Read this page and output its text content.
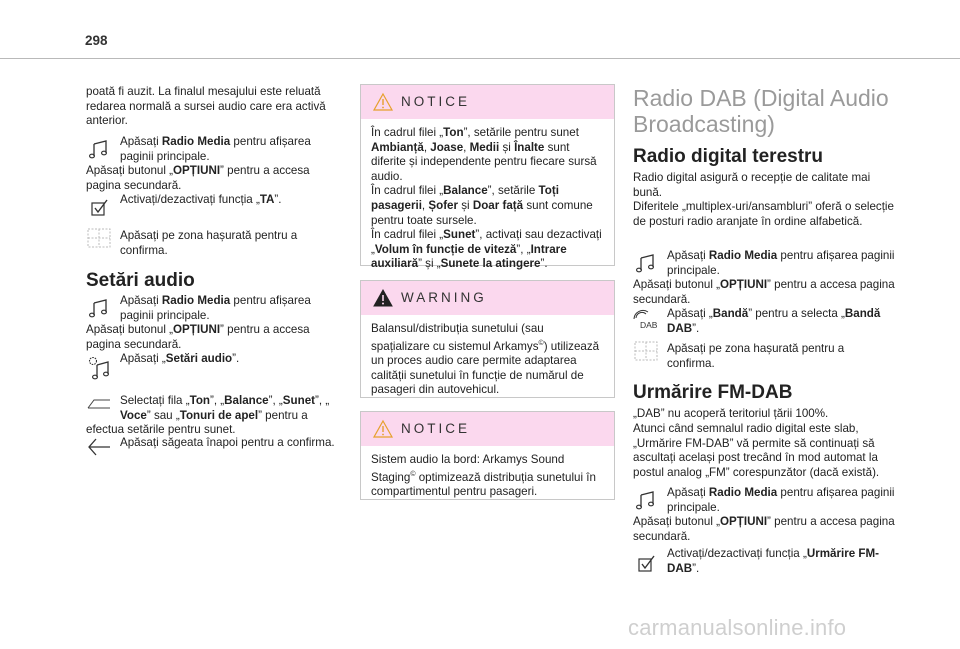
298

poată fi auzit. La finalul mesajului este reluată redarea normală a sursei audio care era activă anterior.

Apăsați Radio Media pentru afișarea paginii principale.

Apăsați butonul „OPȚIUNI” pentru a accesa pagina secundară.

Activați/dezactivați funcția „TA”.
Apăsați pe zona hașurată pentru a confirma.
Setări audio
Apăsați Radio Media pentru afișarea paginii principale.

Apăsați butonul „OPȚIUNI” pentru a accesa pagina secundară.

Apăsați „Setări audio”.
Selectați fila „Ton”, „Balance”, „Sunet”, „
Voce” sau „Tonuri de apel” pentru a efectua setările pentru sunet.
Apăsați săgeata înapoi pentru a confirma.
NOTICE

În cadrul filei „Ton”, setările pentru sunet Ambianță, Joase, Medii și Înalte sunt diferite și independente pentru fiecare sursă audio.

În cadrul filei „Balance”, setările Toți pasagerii, Șofer și Doar față sunt comune pentru toate sursele.

În cadrul filei „Sunet”, activați sau dezactivați „Volum în funcție de viteză”, „Intrare auxiliară” și „Sunete la atingere”.

WARNING

Balansul/distribuția sunetului (sau spațializare cu sistemul Arkamys©) utilizează un proces audio care permite adaptarea calității sunetului în funcție de numărul de pasageri din autovehicul.

NOTICE

Sistem audio la bord: Arkamys Sound Staging© optimizează distribuția sunetului în compartimentul pentru pasageri.

Radio DAB (Digital Audio Broadcasting)
Radio digital terestru

Radio digital asigură o recepție de calitate mai bună.

Diferitele „multiplex-uri/ansambluri” oferă o selecție de posturi radio aranjate în ordine alfabetică.

Apăsați Radio Media pentru afișarea paginii principale.

Apăsați butonul „OPȚIUNI” pentru a accesa pagina secundară.

DAB
Apăsați „Bandă” pentru a selecta „Bandă DAB”.
Apăsați pe zona hașurată pentru a confirma.
Urmărire FM-DAB

„DAB” nu acoperă teritoriul țării 100%.

Atunci când semnalul radio digital este slab, „Urmărire FM-DAB” vă permite să continuați să ascultați același post trecând în mod automat la postul analog „FM” corespunzător (dacă există).

Apăsați Radio Media pentru afișarea paginii principale.

Apăsați butonul „OPȚIUNI” pentru a accesa pagina secundară.

Activați/dezactivați funcția „Urmărire FM-DAB”.
carmanualsonline.info
